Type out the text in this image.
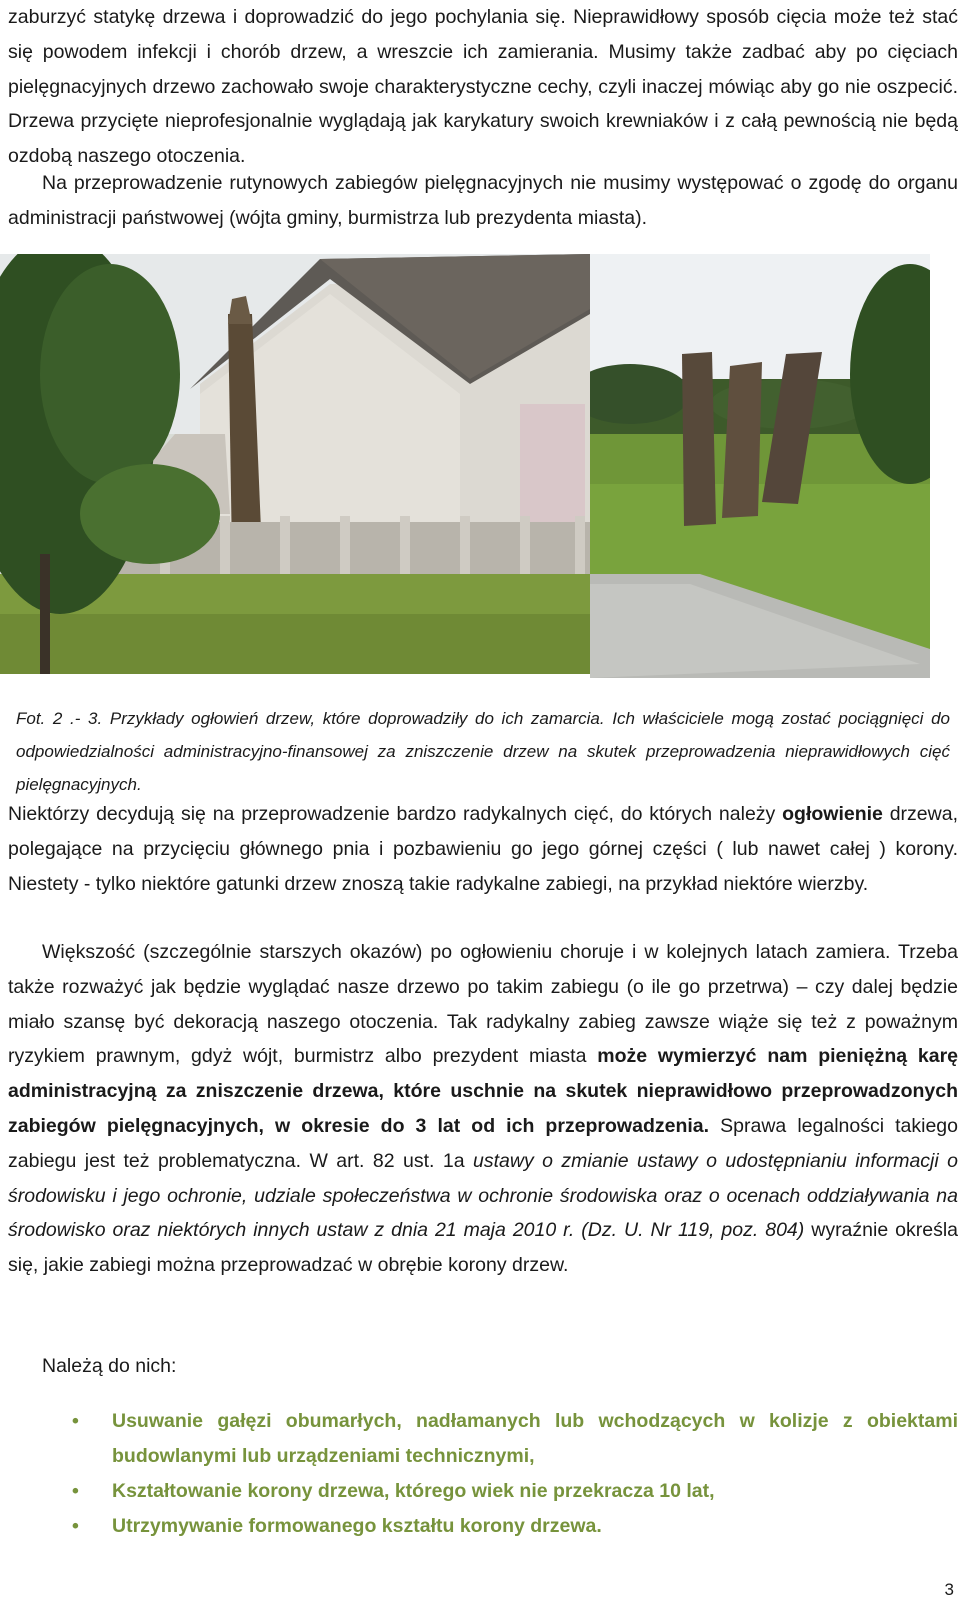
zaburzyć statykę drzewa i doprowadzić do jego pochylania się. Nieprawidłowy sposób cięcia może też stać się powodem infekcji i chorób drzew, a wreszcie ich zamierania. Musimy także zadbać aby po cięciach pielęgnacyjnych drzewo zachowało swoje charakterystyczne cechy, czyli inaczej mówiąc aby go nie oszpecić. Drzewa przycięte nieprofesjonalnie wyglądają jak karykatury swoich krewniaków i z całą pewnością nie będą ozdobą naszego otoczenia.

Na przeprowadzenie rutynowych zabiegów pielęgnacyjnych nie musimy występować o zgodę do organu administracji państwowej (wójta gminy, burmistrza lub prezydenta miasta).

Fot. 2 .- 3. Przykłady ogłowień drzew, które doprowadziły do ich zamarcia. Ich właściciele mogą zostać pociągnięci do odpowiedzialności administracyjno-finansowej za zniszczenie drzew na skutek przeprowadzenia nieprawidłowych cięć pielęgnacyjnych.

Niektórzy decydują się na przeprowadzenie bardzo radykalnych cięć, do których należy ogłowienie drzewa, polegające na przycięciu głównego pnia i pozbawieniu go jego górnej części ( lub nawet całej ) korony. Niestety - tylko niektóre gatunki drzew znoszą takie radykalne zabiegi, na przykład niektóre wierzby.

Większość (szczególnie starszych okazów) po ogłowieniu choruje i w kolejnych latach zamiera. Trzeba także rozważyć jak będzie wyglądać nasze drzewo po takim zabiegu (o ile go przetrwa) – czy dalej będzie miało szansę być dekoracją naszego otoczenia. Tak radykalny zabieg zawsze wiąże się też z poważnym ryzykiem prawnym, gdyż wójt, burmistrz albo prezydent miasta może wymierzyć nam pieniężną karę administracyjną za zniszczenie drzewa, które uschnie na skutek nieprawidłowo przeprowadzonych zabiegów pielęgnacyjnych, w okresie do 3 lat od ich przeprowadzenia. Sprawa legalności takiego zabiegu jest też problematyczna. W art. 82 ust. 1a ustawy o zmianie ustawy o udostępnianiu informacji o środowisku i jego ochronie, udziale społeczeństwa w ochronie środowiska oraz o ocenach oddziaływania na środowisko oraz niektórych innych ustaw z dnia 21 maja 2010 r. (Dz. U. Nr 119, poz. 804) wyraźnie określa się, jakie zabiegi można przeprowadzać w obrębie korony drzew.

Należą do nich:

• Usuwanie gałęzi obumarłych, nadłamanych lub wchodzących w kolizje z obiektami budowlanymi lub urządzeniami technicznymi,
• Kształtowanie korony drzewa, którego wiek nie przekracza 10 lat,
• Utrzymywanie formowanego kształtu korony drzewa.
3
